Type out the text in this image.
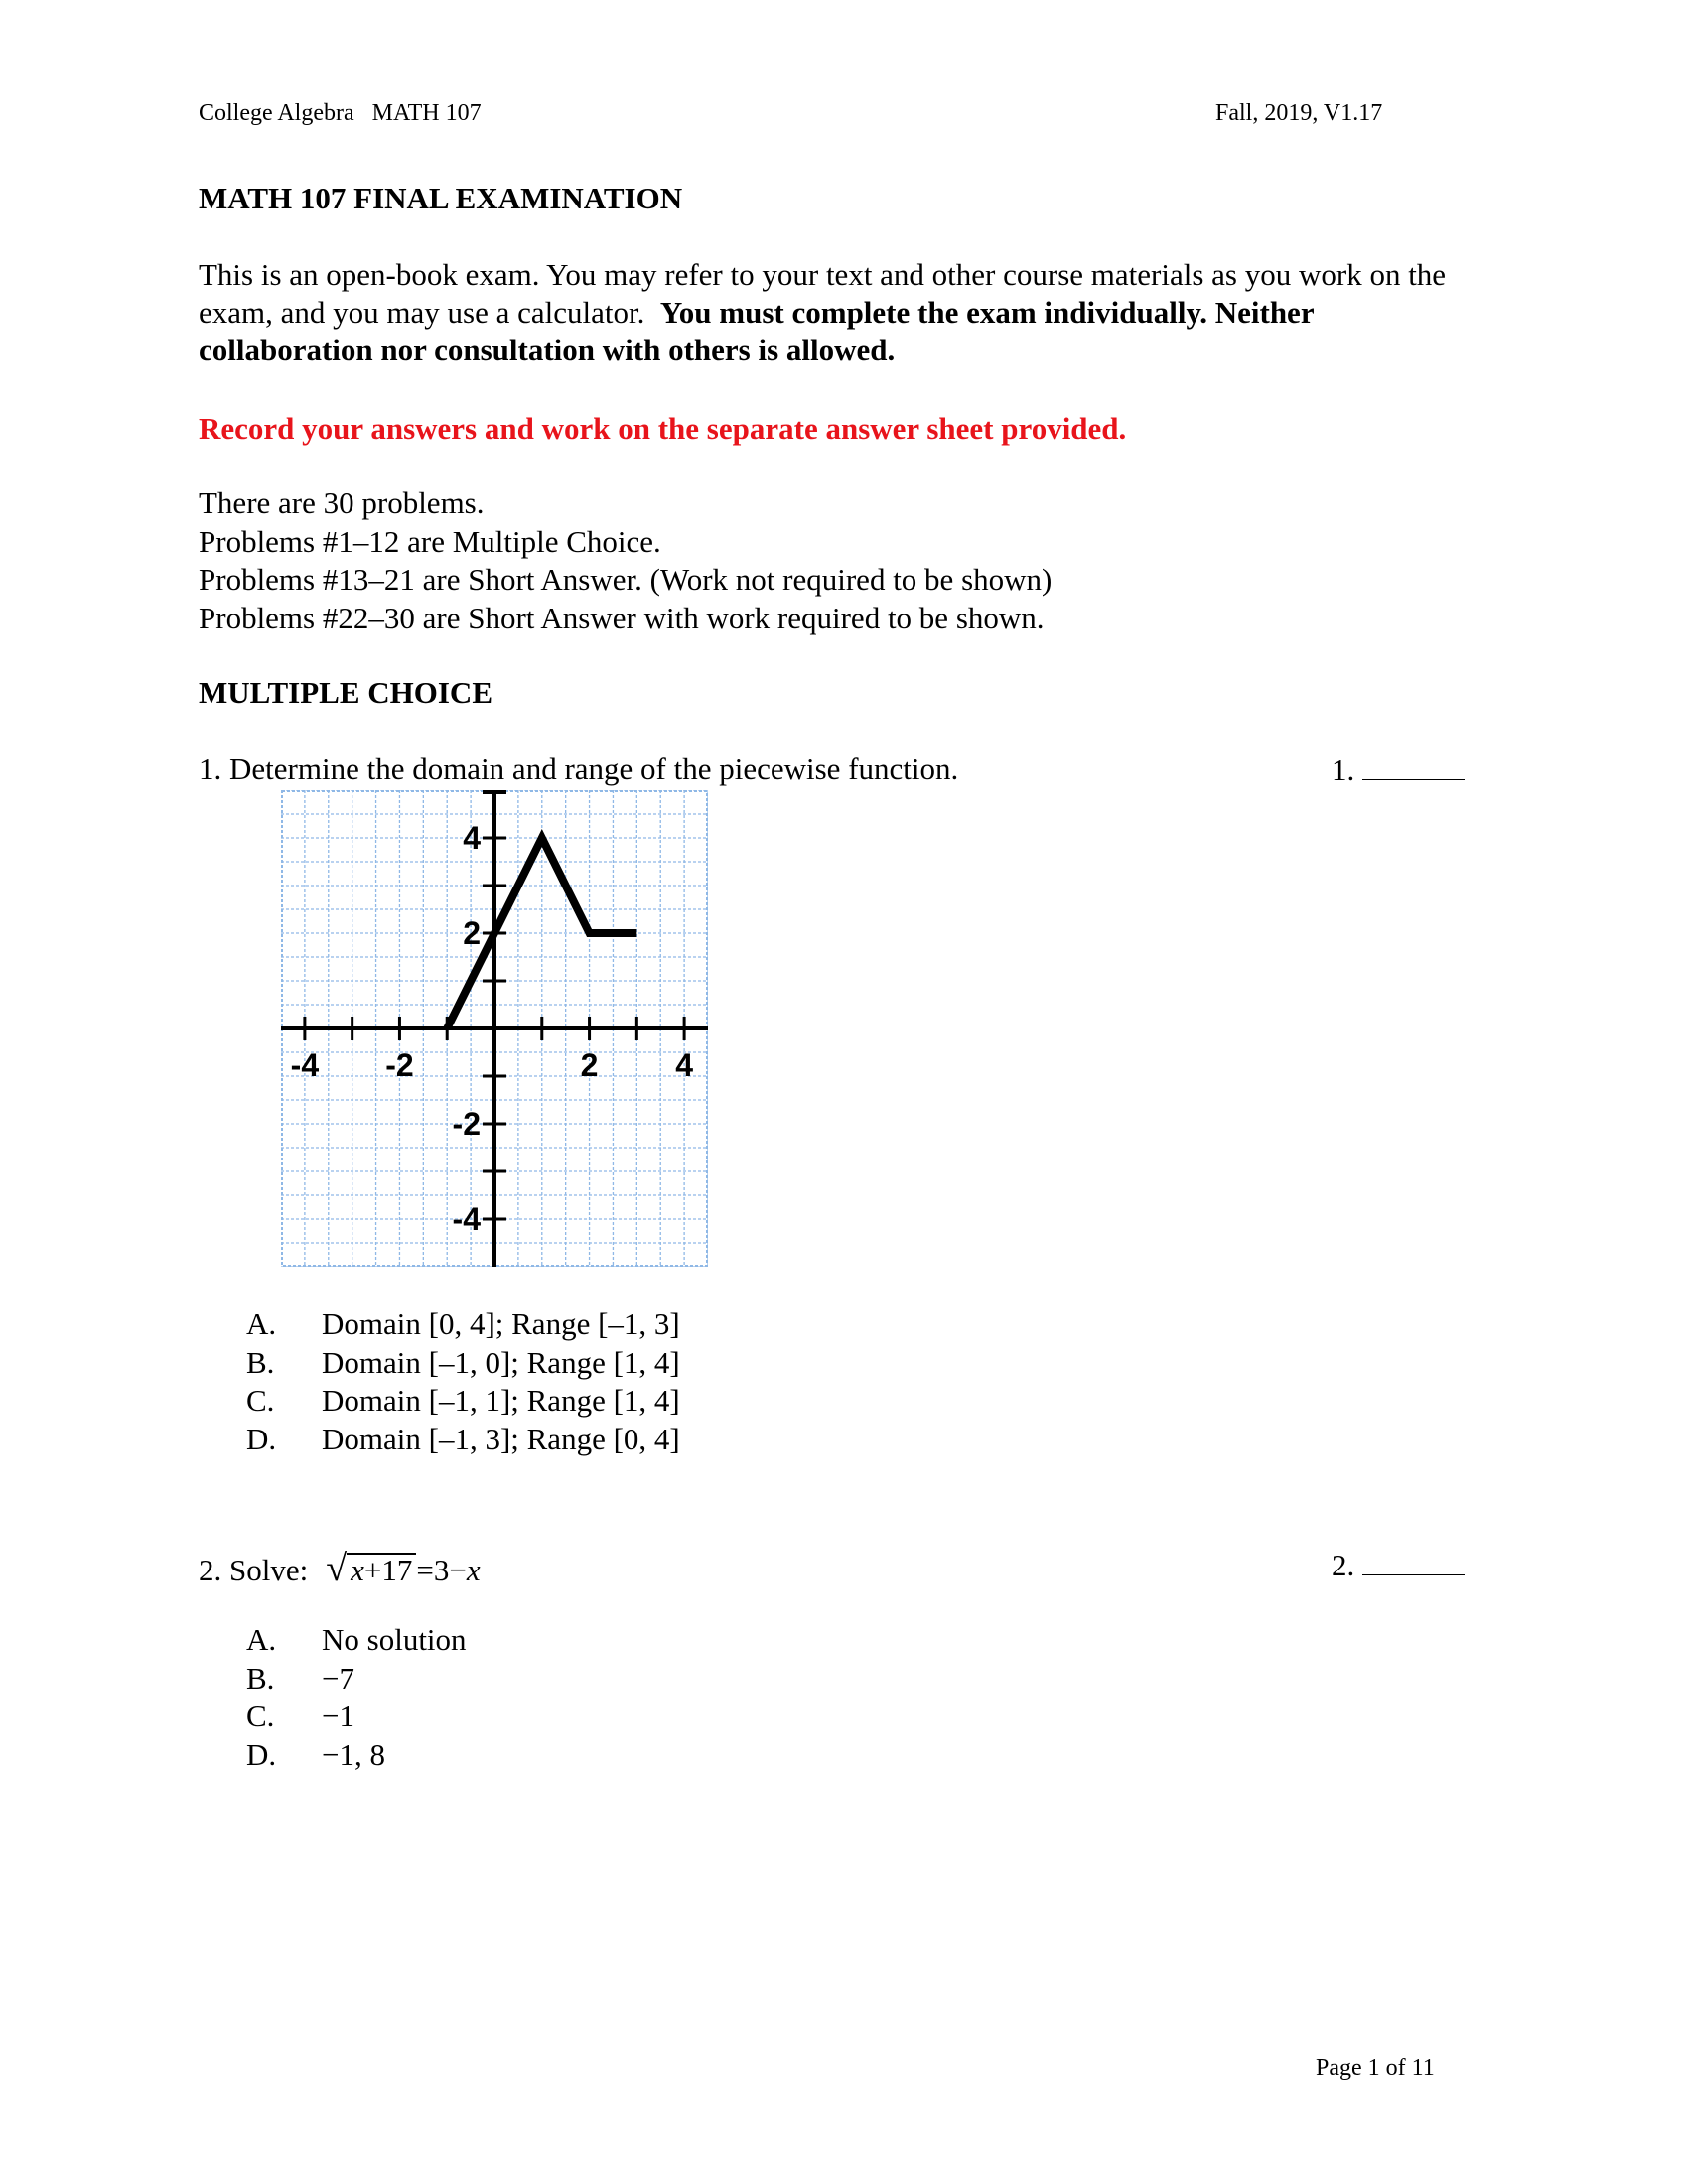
College Algebra   MATH 107	Fall, 2019, V1.17
MATH 107 FINAL EXAMINATION
This is an open-book exam. You may refer to your text and other course materials as you work on the exam, and you may use a calculator.  You must complete the exam individually. Neither collaboration nor consultation with others is allowed.
Record your answers and work on the separate answer sheet provided.
There are 30 problems.
Problems #1–12 are Multiple Choice.
Problems #13–21 are Short Answer. (Work not required to be shown)
Problems #22–30 are Short Answer with work required to be shown.
MULTIPLE CHOICE
1. Determine the domain and range of the piecewise function.	1.
-4 -2	2 4
4
2
-2
-4
A. Domain [0, 4]; Range [–1, 3]
B. Domain [–1, 0]; Range [1, 4]
C. Domain [–1, 1]; Range [1, 4]
D. Domain [–1, 3]; Range [0, 4]
2. Solve: √ x+17 =3−x	2.
A. No solution
B. −7
C. −1
D. −1, 8
Page 1 of 11
